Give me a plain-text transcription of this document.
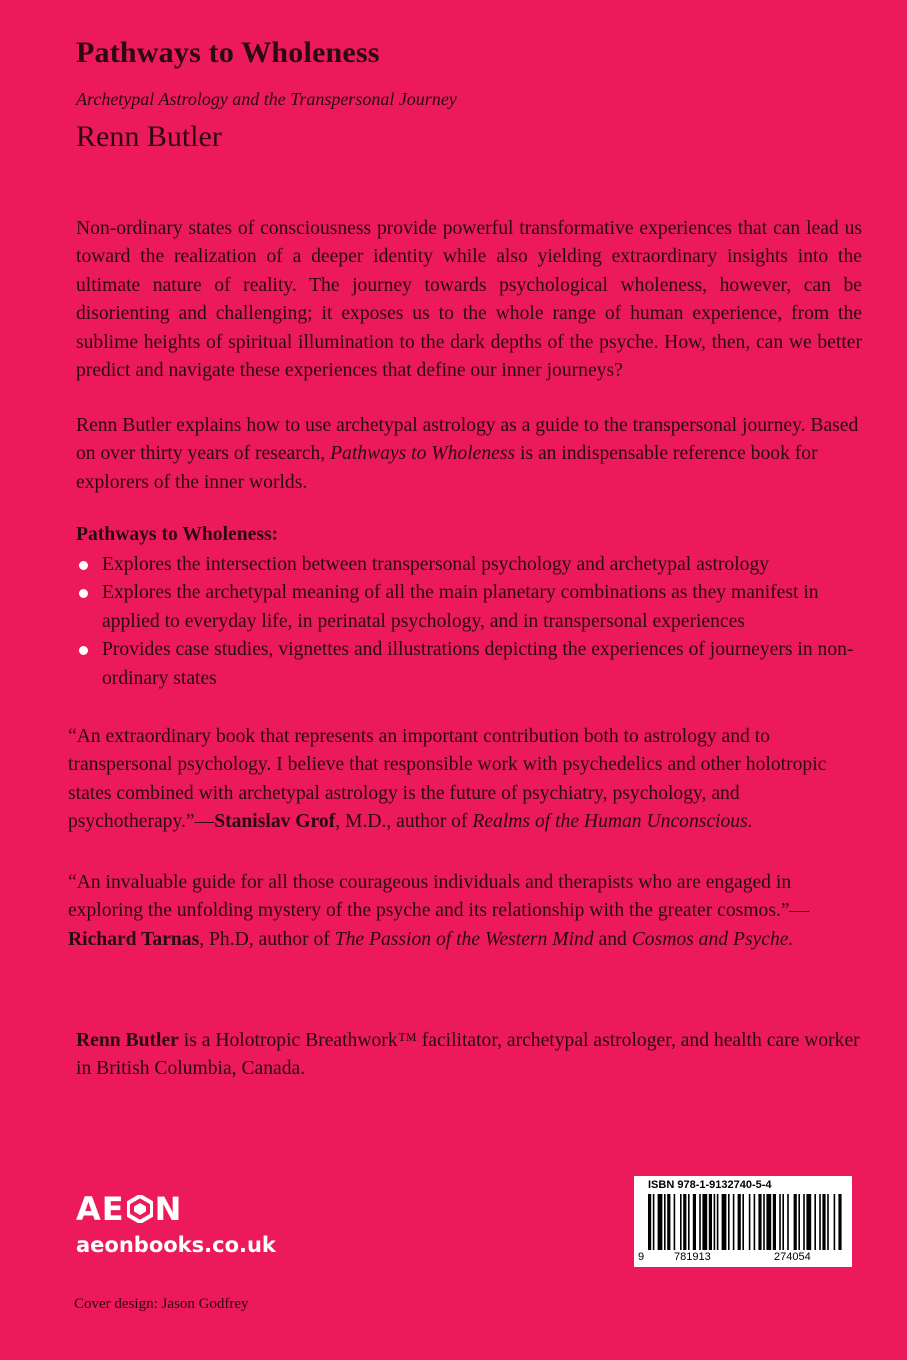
Pathways to Wholeness
Archetypal Astrology and the Transpersonal Journey
Renn Butler

Non-ordinary states of consciousness provide powerful transformative experiences that can lead us toward the realization of a deeper identity while also yielding extraordinary insights into the ultimate nature of reality. The journey towards psychological wholeness, however, can be disorienting and challenging; it exposes us to the whole range of human experience, from the sublime heights of spiritual illumination to the dark depths of the psyche. How, then, can we better predict and navigate these experiences that define our inner journeys?

Renn Butler explains how to use archetypal astrology as a guide to the transpersonal journey. Based on over thirty years of research, Pathways to Wholeness is an indispensable reference book for explorers of the inner worlds.

Pathways to Wholeness:
Explores the intersection between transpersonal psychology and archetypal astrology
Explores the archetypal meaning of all the main planetary combinations as they manifest in applied to everyday life, in perinatal psychology, and in transpersonal experiences
Provides case studies, vignettes and illustrations depicting the experiences of journeyers in non-ordinary states

“An extraordinary book that represents an important contribution both to astrology and to transpersonal psychology. I believe that responsible work with psychedelics and other holotropic states combined with archetypal astrology is the future of psychiatry, psychology, and psychotherapy.”—Stanislav Grof, M.D., author of Realms of the Human Unconscious.

“An invaluable guide for all those courageous individuals and therapists who are engaged in exploring the unfolding mystery of the psyche and its relationship with the greater cosmos.”—Richard Tarnas, Ph.D, author of The Passion of the Western Mind and Cosmos and Psyche.

Renn Butler is a Holotropic Breathwork™ facilitator, archetypal astrologer, and health care worker in British Columbia, Canada.

AE N
aeonbooks.co.uk
Cover design: Jason Godfrey
ISBN 978-1-9132740-5-4
9	781913	274054
